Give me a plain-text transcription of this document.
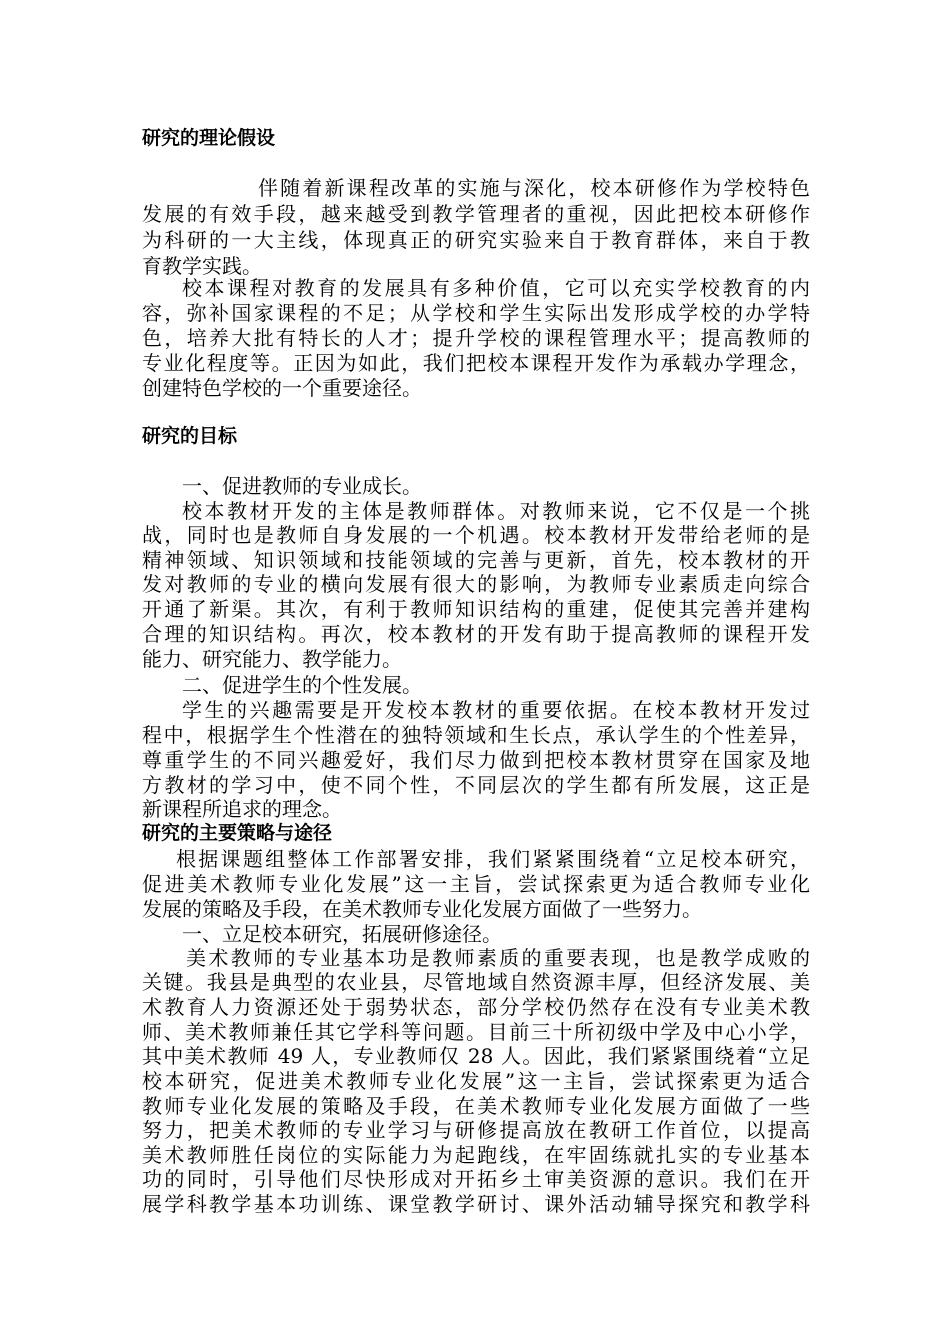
研究的理论假设
伴随着新课程改革的实施与深化，校本研修作为学校特色
发展的有效手段，越来越受到教学管理者的重视，因此把校本研修作
为科研的一大主线，体现真正的研究实验来自于教育群体，来自于教
育教学实践。
校本课程对教育的发展具有多种价值，它可以充实学校教育的内
容，弥补国家课程的不足；从学校和学生实际出发形成学校的办学特
色，培养大批有特长的人才；提升学校的课程管理水平；提高教师的
专业化程度等。正因为如此，我们把校本课程开发作为承载办学理念，
创建特色学校的一个重要途径。
研究的目标
一、促进教师的专业成长。
校本教材开发的主体是教师群体。对教师来说，它不仅是一个挑
战，同时也是教师自身发展的一个机遇。校本教材开发带给老师的是
精神领域、知识领域和技能领域的完善与更新，首先，校本教材的开
发对教师的专业的横向发展有很大的影响，为教师专业素质走向综合
开通了新渠。其次，有利于教师知识结构的重建，促使其完善并建构
合理的知识结构。再次，校本教材的开发有助于提高教师的课程开发
能力、研究能力、教学能力。
二、促进学生的个性发展。
学生的兴趣需要是开发校本教材的重要依据。在校本教材开发过
程中，根据学生个性潜在的独特领域和生长点，承认学生的个性差异，
尊重学生的不同兴趣爱好，我们尽力做到把校本教材贯穿在国家及地
方教材的学习中，使不同个性，不同层次的学生都有所发展，这正是
新课程所追求的理念。
研究的主要策略与途径
根据课题组整体工作部署安排，我们紧紧围绕着“立足校本研究，
促进美术教师专业化发展”这一主旨，尝试探索更为适合教师专业化
发展的策略及手段，在美术教师专业化发展方面做了一些努力。
一、立足校本研究，拓展研修途径。
美术教师的专业基本功是教师素质的重要表现，也是教学成败的
关键。我县是典型的农业县，尽管地域自然资源丰厚，但经济发展、美
术教育人力资源还处于弱势状态，部分学校仍然存在没有专业美术教
师、美术教师兼任其它学科等问题。目前三十所初级中学及中心小学，
其中美术教师 49 人，专业教师仅 28 人。因此，我们紧紧围绕着“立足
校本研究，促进美术教师专业化发展”这一主旨，尝试探索更为适合
教师专业化发展的策略及手段，在美术教师专业化发展方面做了一些
努力，把美术教师的专业学习与研修提高放在教研工作首位，以提高
美术教师胜任岗位的实际能力为起跑线，在牢固练就扎实的专业基本
功的同时，引导他们尽快形成对开拓乡土审美资源的意识。我们在开
展学科教学基本功训练、课堂教学研讨、课外活动辅导探究和教学科
